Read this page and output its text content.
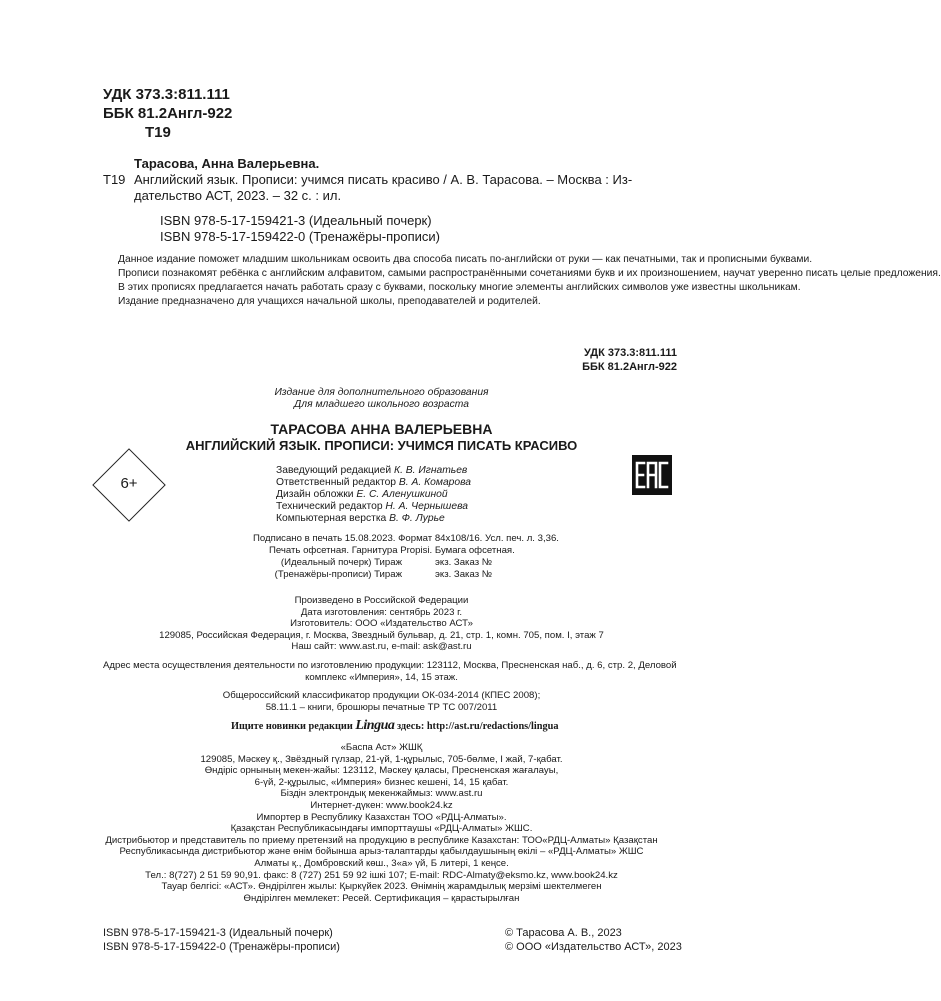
УДК 373.3:811.111
ББК 81.2Англ-922
Т19
Тарасова, Анна Валерьевна.
Т19 Английский язык. Прописи: учимся писать красиво / А. В. Тарасова. – Москва : Из-
дательство АСТ, 2023. – 32 с. : ил.
ISBN 978-5-17-159421-3 (Идеальный почерк)
ISBN 978-5-17-159422-0 (Тренажёры-прописи)
Данное издание поможет младшим школьникам освоить два способа писать по-английски от руки — как печатными, так и прописными буквами.
Прописи познакомят ребёнка с английским алфавитом, самыми распространёнными сочетаниями букв и их произношением, научат уверенно писать целые предложения.
В этих прописях предлагается начать работать сразу с буквами, поскольку многие элементы английских символов уже известны школьникам.
Издание предназначено для учащихся начальной школы, преподавателей и родителей.
УДК 373.3:811.111
ББК 81.2Англ-922
Издание для дополнительного образования
Для младшего школьного возраста
ТАРАСОВА АННА ВАЛЕРЬЕВНА
АНГЛИЙСКИЙ ЯЗЫК. ПРОПИСИ: УЧИМСЯ ПИСАТЬ КРАСИВО
6+
Заведующий редакцией К. В. Игнатьев
Ответственный редактор В. А. Комарова
Дизайн обложки Е. С. Аленушкиной
Технический редактор Н. А. Чернышева
Компьютерная верстка В. Ф. Лурье
Подписано в печать 15.08.2023. Формат 84x108/16. Усл. печ. л. 3,36.
Печать офсетная. Гарнитура Propisi. Бумага офсетная.
(Идеальный почерк) Тираж	экз. Заказ №
(Тренажёры-прописи) Тираж	экз. Заказ №
Произведено в Российской Федерации
Дата изготовления: сентябрь 2023 г.
Изготовитель: ООО «Издательство АСТ»
129085, Российская Федерация, г. Москва, Звездный бульвар, д. 21, стр. 1, комн. 705, пом. I, этаж 7
Наш сайт: www.ast.ru, e-mail: ask@ast.ru
Адрес места осуществления деятельности по изготовлению продукции: 123112, Москва, Пресненская наб., д. 6, стр. 2, Деловой
комплекс «Империя», 14, 15 этаж.
Общероссийский классификатор продукции ОК-034-2014 (КПЕС 2008);
58.11.1 – книги, брошюры печатные ТР ТС 007/2011
Ищите новинки редакции Lingua здесь: http://ast.ru/redactions/lingua
«Баспа Аст» ЖШҚ
129085, Мәскеу қ., Звёздный гүлзар, 21-үй, 1-құрылыс, 705-бөлме, I жай, 7-қабат.
Өндіріс орнының мекен-жайы: 123112, Мәскеу қаласы, Пресненская жағалауы,
6-үй, 2-құрылыс, «Империя» бизнес кешені, 14, 15 қабат.
Біздін электрондық мекенжаймыз: www.ast.ru
Интернет-дүкен: www.book24.kz
Импортер в Республику Казахстан ТОО «РДЦ-Алматы».
Қазақстан Республикасындағы импорттаушы «РДЦ-Алматы» ЖШС.
Дистрибьютор и представитель по приему претензий на продукцию в республике Казахстан: ТОО«РДЦ-Алматы» Қазақстан
Республикасында дистрибьютор және өнім бойынша арыз-талаптарды қабылдаушының өкілі – «РДЦ-Алматы» ЖШС
Алматы қ., Домбровский көш., 3«а» үй, Б литері, 1 кеңсе.
Тел.: 8(727) 2 51 59 90,91. факс: 8 (727) 251 59 92 ішкі 107; E-mail: RDC-Almaty@eksmo.kz, www.book24.kz
Тауар белгісі: «АСТ». Өндірілген жылы: Қыркүйек 2023. Өнімнің жарамдылық мерзімі шектелмеген
Өндірілген мемлекет: Ресей. Сертификация – қарастырылған
ISBN 978-5-17-159421-3 (Идеальный почерк)
ISBN 978-5-17-159422-0 (Тренажёры-прописи)
© Тарасова А. В., 2023
© ООО «Издательство АСТ», 2023
